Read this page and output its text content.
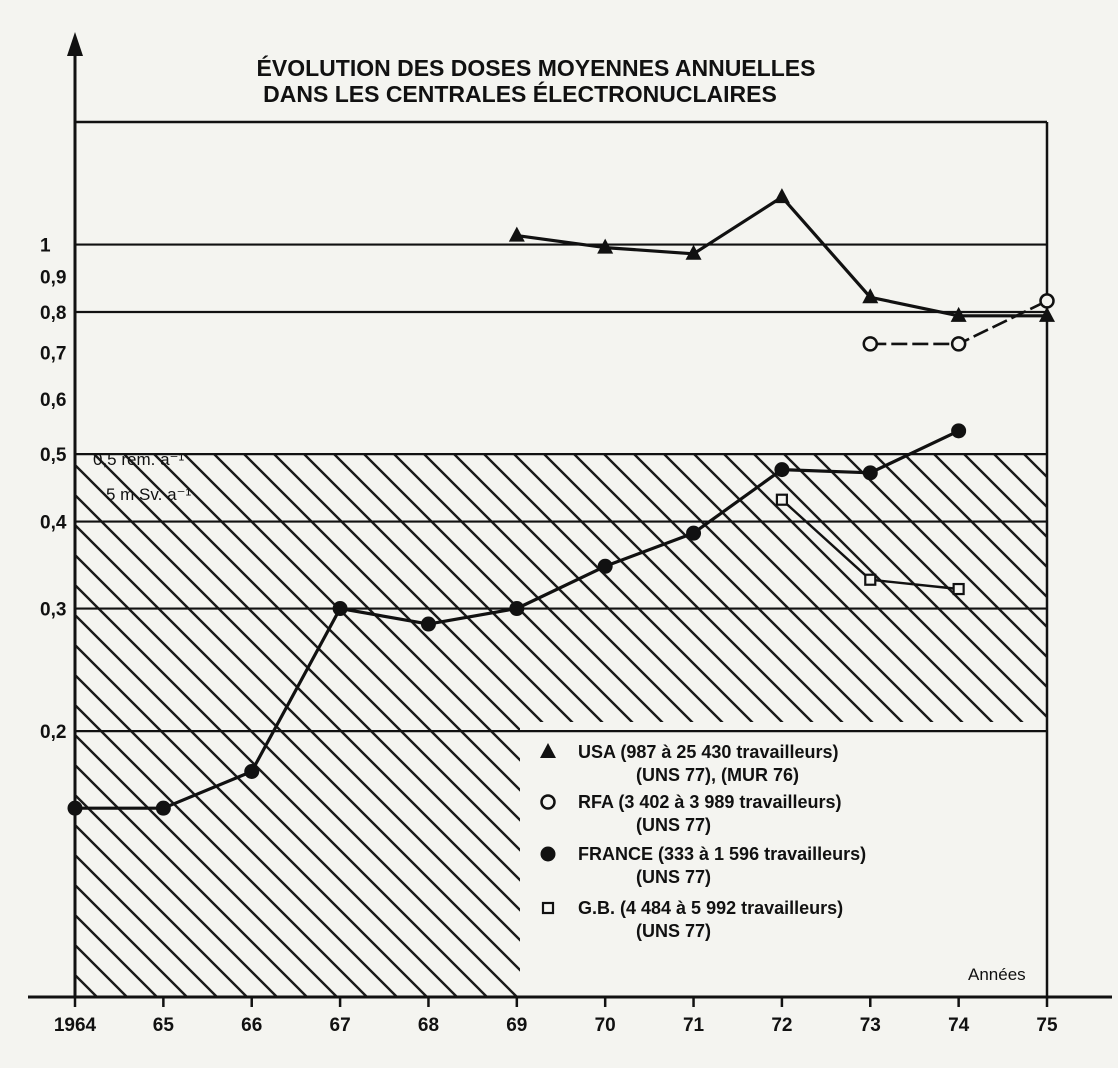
ÉVOLUTION DES DOSES MOYENNES ANNUELLES
DANS LES CENTRALES ÉLECTRONUCLAIRES
0,5 rem. a⁻¹
5 m Sv. a⁻¹
Années
1964	65	66	67	68	69	70	71	72	73	74	75
0,2
0,3
0,4
0,5
0,6
0,7
0,8
0,9
1
USA (987 à 25 430 travailleurs)
(UNS 77), (MUR 76)
RFA (3 402 à 3 989 travailleurs)
(UNS 77)
FRANCE (333 à 1 596 travailleurs)
(UNS 77)
G.B. (4 484 à 5 992 travailleurs)
(UNS 77)
